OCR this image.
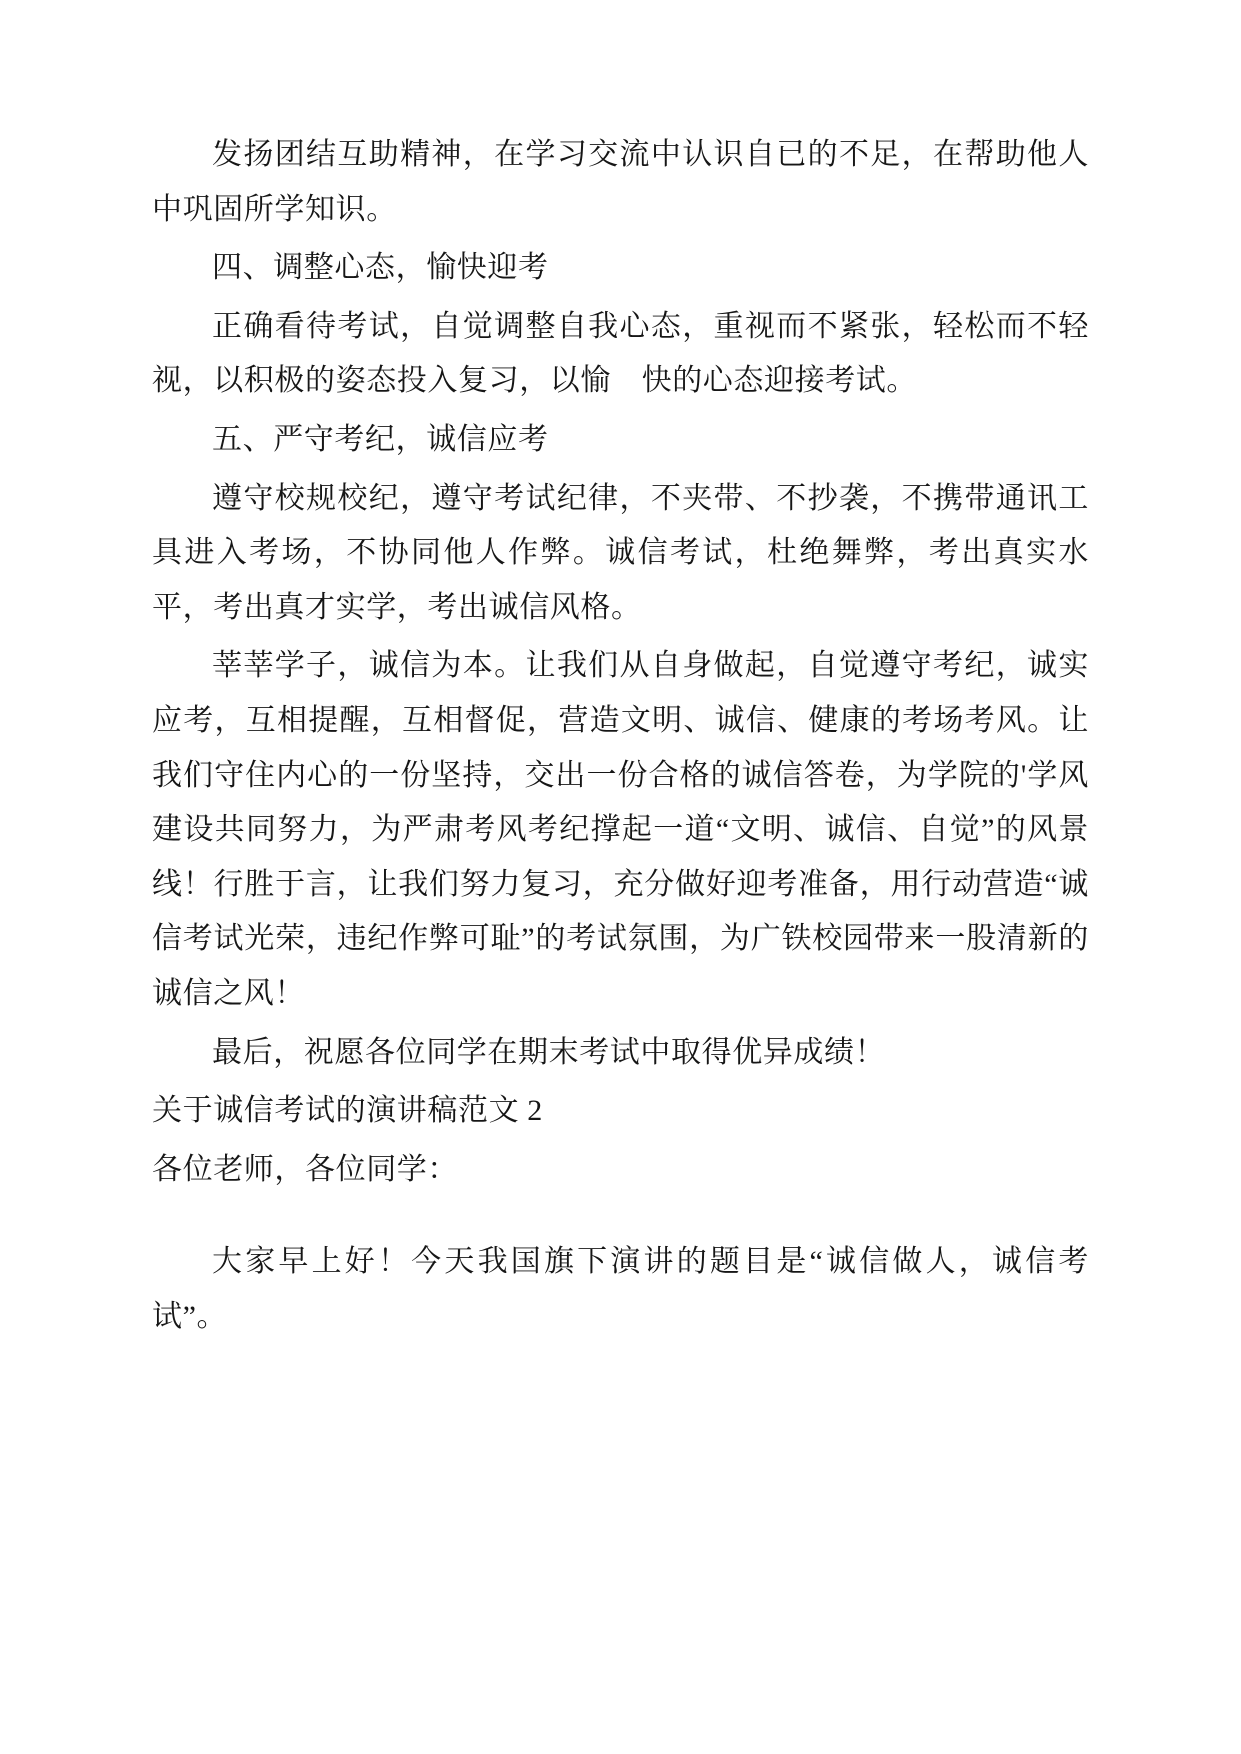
发扬团结互助精神，在学习交流中认识自已的不足，在帮助他人中巩固所学知识。

四、调整心态，愉快迎考

正确看待考试，自觉调整自我心态，重视而不紧张，轻松而不轻视，以积极的姿态投入复习，以愉　快的心态迎接考试。

五、严守考纪，诚信应考

遵守校规校纪，遵守考试纪律，不夹带、不抄袭，不携带通讯工具进入考场，不协同他人作弊。诚信考试，杜绝舞弊，考出真实水平，考出真才实学，考出诚信风格。

莘莘学子，诚信为本。让我们从自身做起，自觉遵守考纪，诚实应考，互相提醒，互相督促，营造文明、诚信、健康的考场考风。让我们守住内心的一份坚持，交出一份合格的诚信答卷，为学院的'学风建设共同努力，为严肃考风考纪撑起一道“文明、诚信、自觉”的风景线！行胜于言，让我们努力复习，充分做好迎考准备，用行动营造“诚信考试光荣，违纪作弊可耻”的考试氛围，为广铁校园带来一股清新的诚信之风！

最后，祝愿各位同学在期末考试中取得优异成绩！

关于诚信考试的演讲稿范文 2

各位老师，各位同学：

大家早上好！今天我国旗下演讲的题目是“诚信做人，诚信考试”。
